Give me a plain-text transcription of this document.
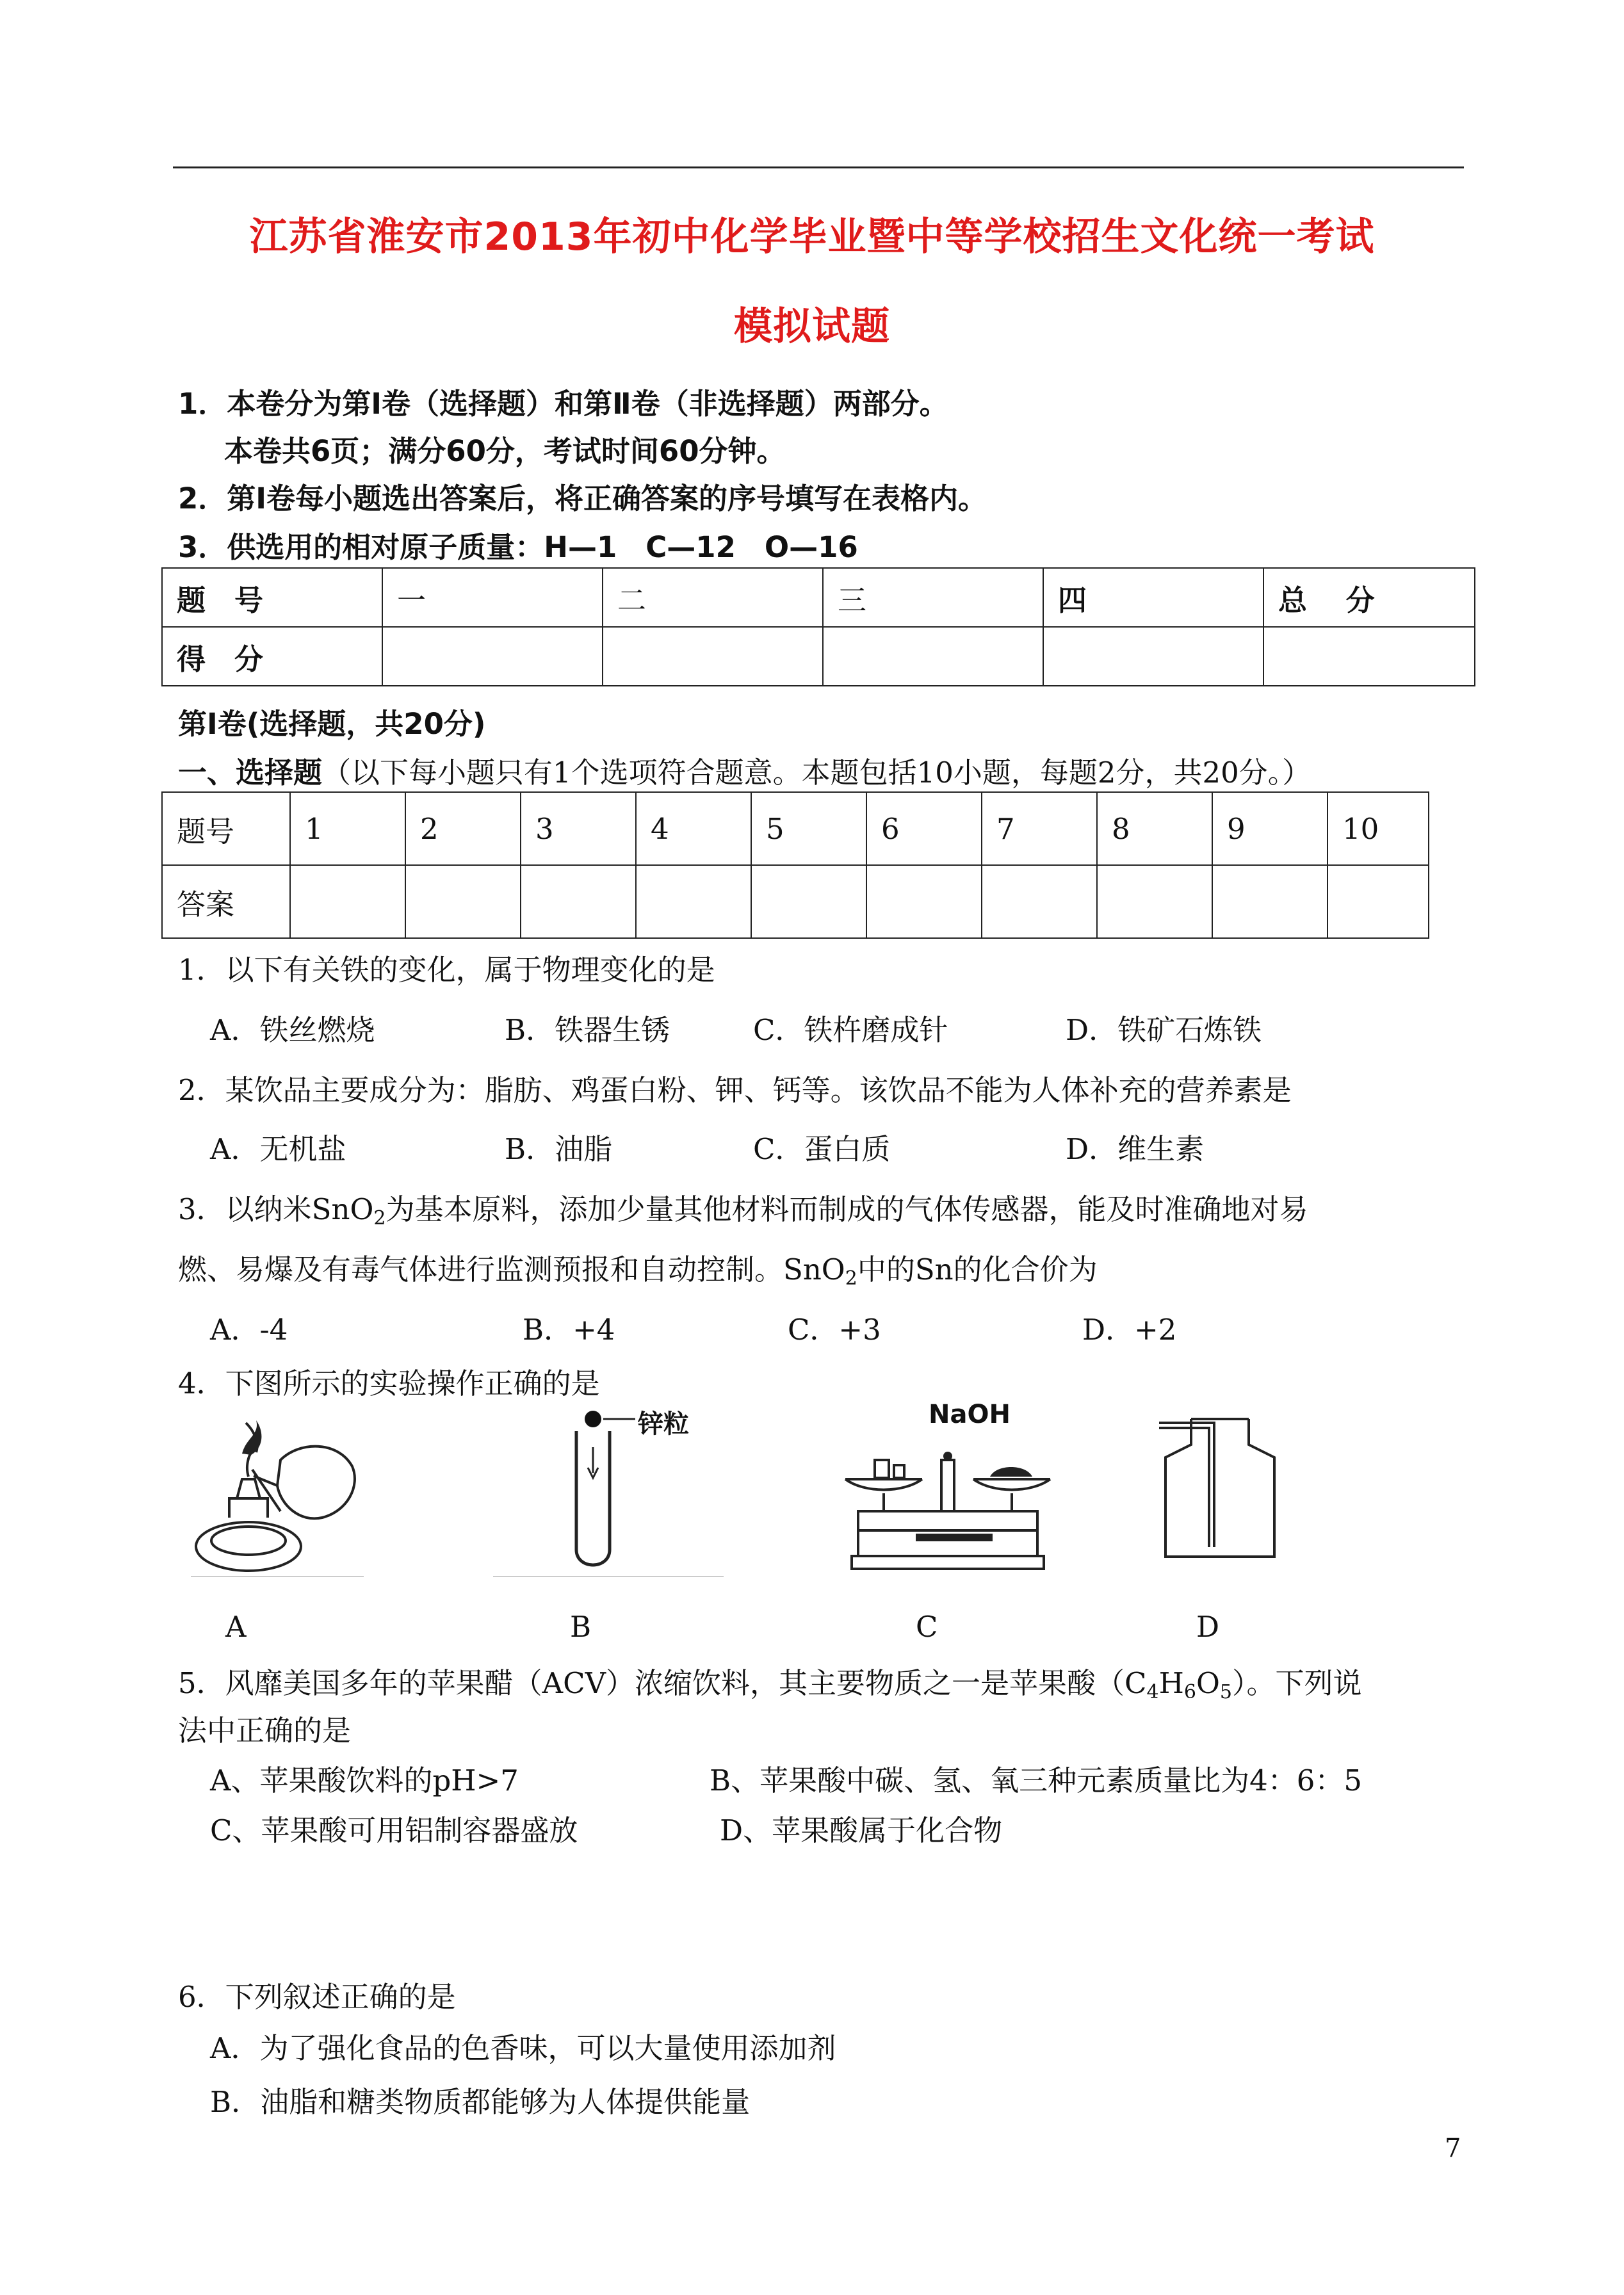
江苏省淮安市2013年初中化学毕业暨中等学校招生文化统一考试
模拟试题
1．本卷分为第Ⅰ卷（选择题）和第Ⅱ卷（非选择题）两部分。
本卷共6页；满分60分，考试时间60分钟。
2．第Ⅰ卷每小题选出答案后，将正确答案的序号填写在表格内。
3．供选用的相对原子质量：H—1　C—12　O—16
题　号	一	二	三	四	总　 分
得　分					
第Ⅰ卷(选择题，共20分)
一、选择题（以下每小题只有1个选项符合题意。本题包括10小题，每题2分，共20分。）
题号	1	2	3	4	5	6	7	8	9	10
答案										
1．以下有关铁的变化，属于物理变化的是
A．铁丝燃烧	B．铁器生锈	C．铁杵磨成针	D．铁矿石炼铁
2．某饮品主要成分为：脂肪、鸡蛋白粉、钾、钙等。该饮品不能为人体补充的营养素是
A．无机盐	B．油脂	C．蛋白质	D．维生素
3．以纳米SnO$_2$为基本原料，添加少量其他材料而制成的气体传感器，能及时准确地对易
燃、易爆及有毒气体进行监测预报和自动控制。SnO$_2$中的Sn的化合价为
A．-4	B．+4	C．+3	D．+2
4．下图所示的实验操作正确的是
锌粒	NaOH
A	B	C	D
5．风靡美国多年的苹果醋（ACV）浓缩饮料，其主要物质之一是苹果酸$(C_4H_6O_5)$。下列说
法中正确的是
A、苹果酸饮料的pH>7	B、苹果酸中碳、氢、氧三种元素质量比为4：6：5
C、苹果酸可用铝制容器盛放	D、苹果酸属于化合物
6．下列叙述正确的是
A．为了强化食品的色香味，可以大量使用添加剂
B．油脂和糖类物质都能够为人体提供能量
7
